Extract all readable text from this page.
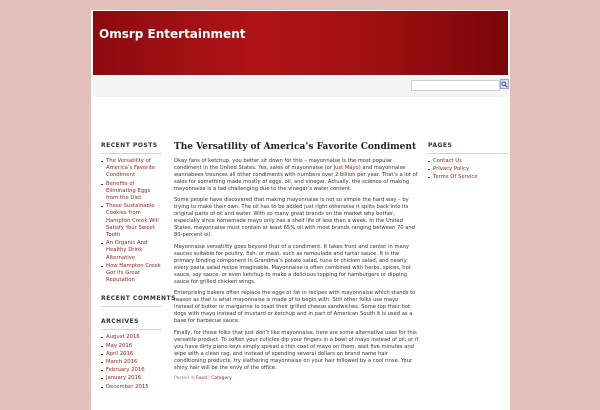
Omsrp Entertainment
RECENT POSTS
The Versatility of America’s Favorite Condiment
Benefits of Eliminating Eggs from the Diet
These Sustainable Cookies from Hampton Creek Will Satisfy Your Sweet Tooth
An Organic And Healthy Drink Alternative
How Hampton Creek Got Its Great Reputation
RECENT COMMENTS
ARCHIVES
August 2016
May 2016
April 2016
March 2016
February 2016
January 2016
December 2015
The Versatility of America’s Favorite Condiment

Okay fans of ketchup, you better sit down for this – mayonnaise is the most popular condiment in the United States. Yes, sales of mayonnaise (or Just Mayo) and mayonnaise wannabees trounces all other condiments with numbers over 2 billion per year. That’s a lot of sales for something made mostly of eggs, oil, and vinegar. Actually, the science of making mayonnaise is a tad challenging due to the vinegar’s water content.

Some people have discovered that making mayonnaise is not so simple the hard way – by trying to make their own. The oil has to be added just right otherwise it splits back into its original parts of oil and water. With so many great brands on the market why bother, especially since homemade mayo only has a shelf life of less than a week. In the United States, mayonnaise must contain at least 65% oil with most brands ranging between 70 and 80-percent oil.

Mayonnaise versatility goes beyond that of a condiment. It takes front and center in many sauces suitable for poultry, fish, or meat, such as remoulade and tartar sauce. It is the primary binding component in Grandma’s potato salad, tuna or chicken salad, and nearly every pasta salad recipe imaginable. Mayonnaise is often combined with herbs, spices, hot sauce, soy sauce, or even ketchup to make a delicious topping for hamburgers or dipping sauce for grilled chicken wings.

Enterprising bakers often replace the eggs or fat in recipes with mayonnaise which stands to reason as that is what mayonnaise is made of to begin with. Still other folks use mayo instead of butter or margarine to toast their grilled cheese sandwiches. Some top their hot dogs with mayo instead of mustard or ketchup and in part of American South it is used as a base for barbecue sauce.

Finally, for those folks that just don’t like mayonnaise, here are some alternative uses for this versatile product. To soften your cuticles dip your fingers in a bowl of mayo instead of oil, or if you have dirty piano keys simply spread a thin coat of mayo on them, wait five minutes and wipe with a clean rag, and instead of spending several dollars on brand name hair conditioning products, try slathering mayonnaise on your hair followed by a cool rinse. Your shiny hair will be the envy of the office.

Posted in Food | Category
PAGES
Contact Us
Privacy Policy
Terms Of Service
